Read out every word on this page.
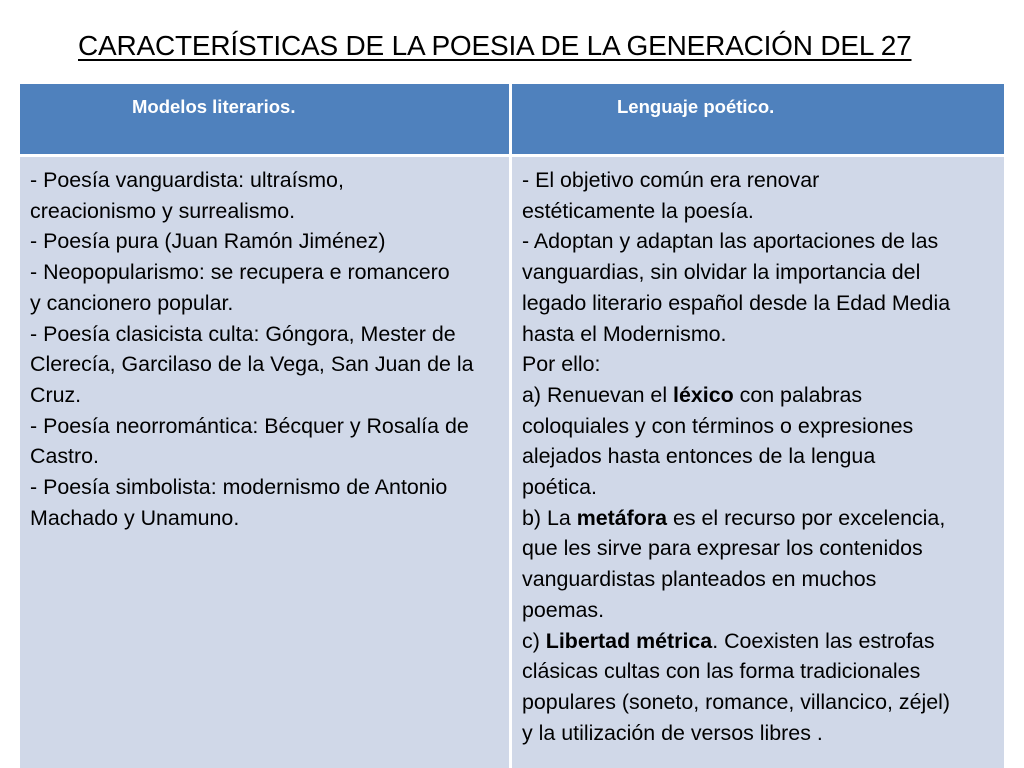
CARACTERÍSTICAS DE LA POESIA DE LA GENERACIÓN DEL 27
Modelos literarios.	Lenguaje poético.
- Poesía vanguardista: ultraísmo,
creacionismo y surrealismo.
- Poesía pura (Juan Ramón Jiménez)
- Neopopularismo: se recupera e romancero
y cancionero popular.
- Poesía clasicista culta: Góngora, Mester de
Clerecía, Garcilaso de la Vega, San Juan de la
Cruz.
- Poesía neorromántica: Bécquer y Rosalía de
Castro.
- Poesía simbolista: modernismo de Antonio
Machado y Unamuno.
- El objetivo común era renovar
estéticamente la poesía.
- Adoptan y adaptan las aportaciones de las
vanguardias, sin olvidar la importancia del
legado literario español desde la Edad Media
hasta el Modernismo.
Por ello:
a) Renuevan el léxico con palabras
coloquiales y con términos o expresiones
alejados hasta entonces de la lengua
poética.
b) La metáfora es el recurso por excelencia,
que les sirve para expresar los contenidos
vanguardistas planteados en muchos
poemas.
c) Libertad métrica. Coexisten las estrofas
clásicas cultas con las forma tradicionales
populares (soneto, romance, villancico, zéjel)
y la utilización de versos libres .
